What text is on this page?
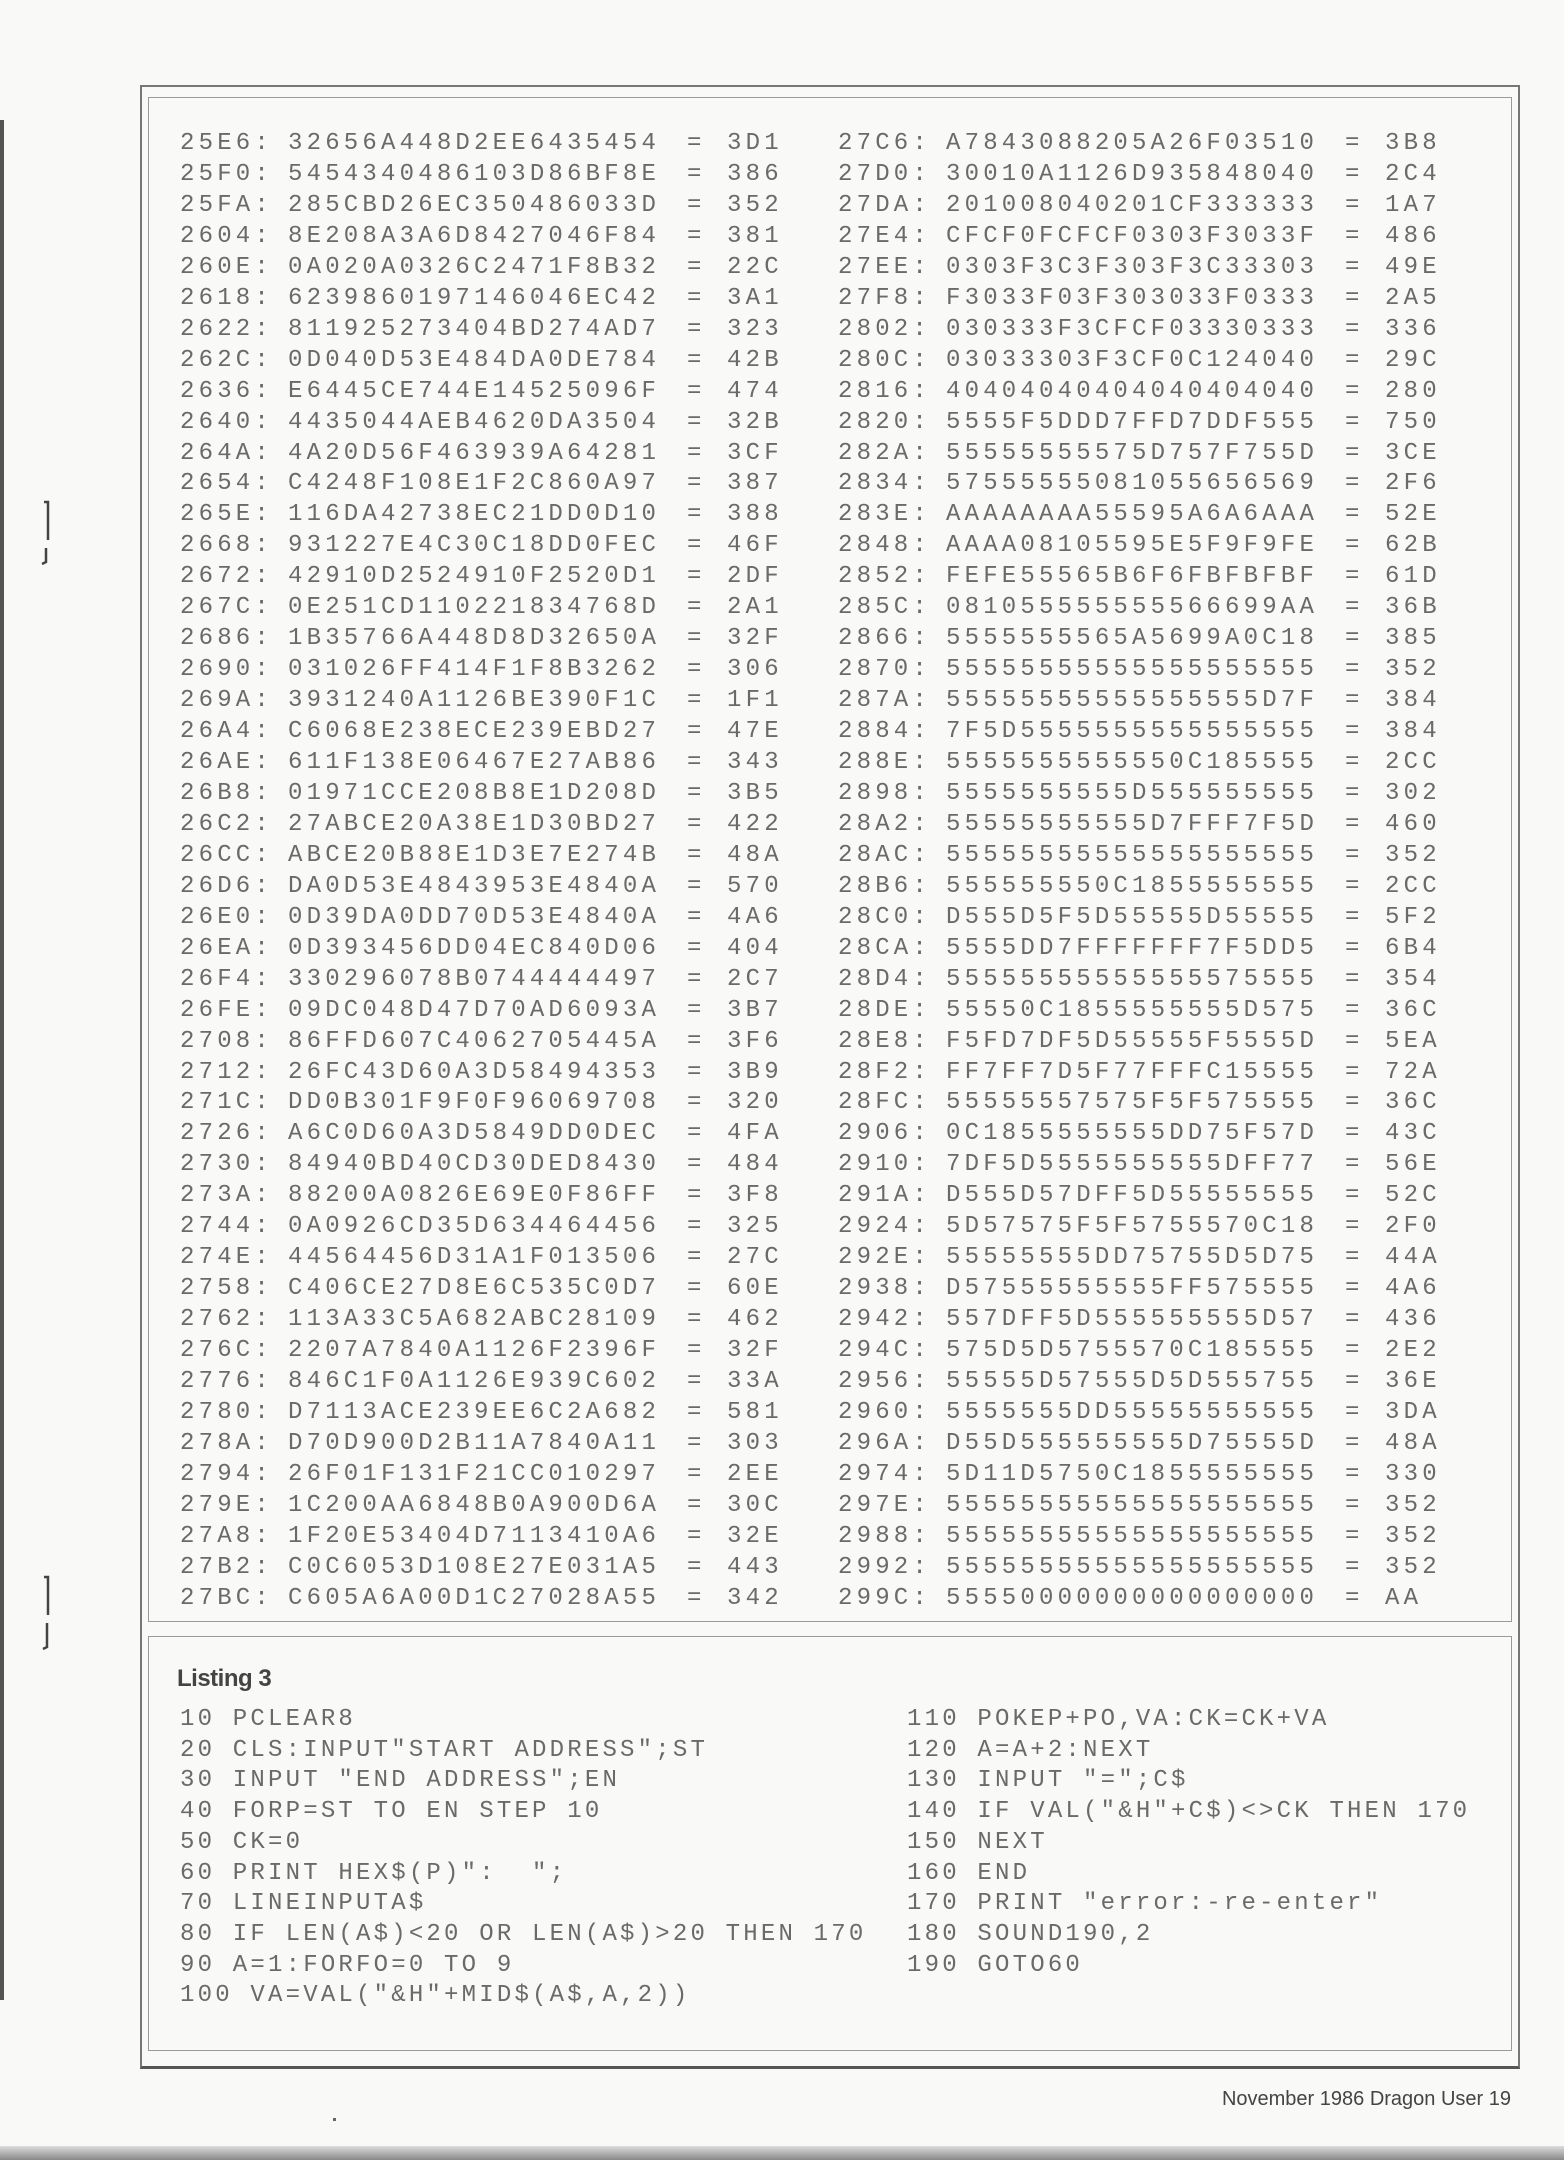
25E6: 32656A448D2EE6435454 = 3D1
25F0: 5454340486103D86BF8E = 386
25FA: 285CBD26EC350486033D = 352
2604: 8E208A3A6D8427046F84 = 381
260E: 0A020A0326C2471F8B32 = 22C
2618: 6239860197146046EC42 = 3A1
2622: 811925273404BD274AD7 = 323
262C: 0D040D53E484DA0DE784 = 42B
2636: E6445CE744E14525096F = 474
2640: 4435044AEB4620DA3504 = 32B
264A: 4A20D56F463939A64281 = 3CF
2654: C4248F108E1F2C860A97 = 387
265E: 116DA42738EC21DD0D10 = 388
2668: 931227E4C30C18DD0FEC = 46F
2672: 42910D2524910F2520D1 = 2DF
267C: 0E251CD110221834768D = 2A1
2686: 1B35766A448D8D32650A = 32F
2690: 031026FF414F1F8B3262 = 306
269A: 3931240A1126BE390F1C = 1F1
26A4: C6068E238ECE239EBD27 = 47E
26AE: 611F138E06467E27AB86 = 343
26B8: 01971CCE208B8E1D208D = 3B5
26C2: 27ABCE20A38E1D30BD27 = 422
26CC: ABCE20B88E1D3E7E274B = 48A
26D6: DA0D53E4843953E4840A = 570
26E0: 0D39DA0DD70D53E4840A = 4A6
26EA: 0D393456DD04EC840D06 = 404
26F4: 330296078B0744444497 = 2C7
26FE: 09DC048D47D70AD6093A = 3B7
2708: 86FFD607C4062705445A = 3F6
2712: 26FC43D60A3D58494353 = 3B9
271C: DD0B301F9F0F96069708 = 320
2726: A6C0D60A3D5849DD0DEC = 4FA
2730: 84940BD40CD30DED8430 = 484
273A: 88200A0826E69E0F86FF = 3F8
2744: 0A0926CD35D634464456 = 325
274E: 44564456D31A1F013506 = 27C
2758: C406CE27D8E6C535C0D7 = 60E
2762: 113A33C5A682ABC28109 = 462
276C: 2207A7840A1126F2396F = 32F
2776: 846C1F0A1126E939C602 = 33A
2780: D7113ACE239EE6C2A682 = 581
278A: D70D900D2B11A7840A11 = 303
2794: 26F01F131F21CC010297 = 2EE
279E: 1C200AA6848B0A900D6A = 30C
27A8: 1F20E53404D7113410A6 = 32E
27B2: C0C6053D108E27E031A5 = 443
27BC: C605A6A00D1C27028A55 = 342
27C6: A7843088205A26F03510 = 3B8
27D0: 30010A1126D935848040 = 2C4
27DA: 201008040201CF333333 = 1A7
27E4: CFCF0FCFCF0303F3033F = 486
27EE: 0303F3C3F303F3C33303 = 49E
27F8: F3033F03F303033F0333 = 2A5
2802: 030333F3CFCF03330333 = 336
280C: 03033303F3CF0C124040 = 29C
2816: 40404040404040404040 = 280
2820: 5555F5DDD7FFD7DDF555 = 750
282A: 55555555575D757F755D = 3CE
2834: 57555555081055656569 = 2F6
283E: AAAAAAAA55595A6A6AAA = 52E
2848: AAAA08105595E5F9F9FE = 62B
2852: FEFE55565B6F6FBFBFBF = 61D
285C: 081055555555566699AA = 36B
2866: 5555555565A5699A0C18 = 385
2870: 55555555555555555555 = 352
287A: 55555555555555555D7F = 384
2884: 7F5D5555555555555555 = 384
288E: 5555555555550C185555 = 2CC
2898: 5555555555D555555555 = 302
28A2: 55555555555D7FFF7F5D = 460
28AC: 55555555555555555555 = 352
28B6: 555555550C1855555555 = 2CC
28C0: D555D5F5D55555D55555 = 5F2
28CA: 5555DD7FFFFFFF7F5DD5 = 6B4
28D4: 55555555555555575555 = 354
28DE: 55550C1855555555D575 = 36C
28E8: F5FD7DF5D55555F5555D = 5EA
28F2: FF7FF7D5F77FFFC15555 = 72A
28FC: 55555557575F5F575555 = 36C
2906: 0C1855555555DD75F57D = 43C
2910: 7DF5D5555555555DFF77 = 56E
291A: D555D57DFF5D55555555 = 52C
2924: 5D57575F5F5755570C18 = 2F0
292E: 55555555DD75755D5D75 = 44A
2938: D57555555555FF575555 = 4A6
2942: 557DFF5D555555555D57 = 436
294C: 575D5D5755570C185555 = 2E2
2956: 55555D57555D5D555755 = 36E
2960: 5555555DD55555555555 = 3DA
296A: D55D555555555D75555D = 48A
2974: 5D11D5750C1855555555 = 330
297E: 55555555555555555555 = 352
2988: 55555555555555555555 = 352
2992: 55555555555555555555 = 352
299C: 55550000000000000000 = AA
Listing 3
10 PCLEAR8
20 CLS:INPUT"START ADDRESS";ST
30 INPUT "END ADDRESS";EN
40 FORP=ST TO EN STEP 10
50 CK=0
60 PRINT HEX$(P)":  ";
70 LINEINPUTA$
80 IF LEN(A$)<20 OR LEN(A$)>20 THEN 170
90 A=1:FORFO=0 TO 9
100 VA=VAL("&H"+MID$(A$,A,2))
110 POKEP+PO,VA:CK=CK+VA
120 A=A+2:NEXT
130 INPUT "=";C$
140 IF VAL("&H"+C$)<>CK THEN 170
150 NEXT
160 END
170 PRINT "error:-re-enter"
180 SOUND190,2
190 GOTO60
November 1986 Dragon User 19
